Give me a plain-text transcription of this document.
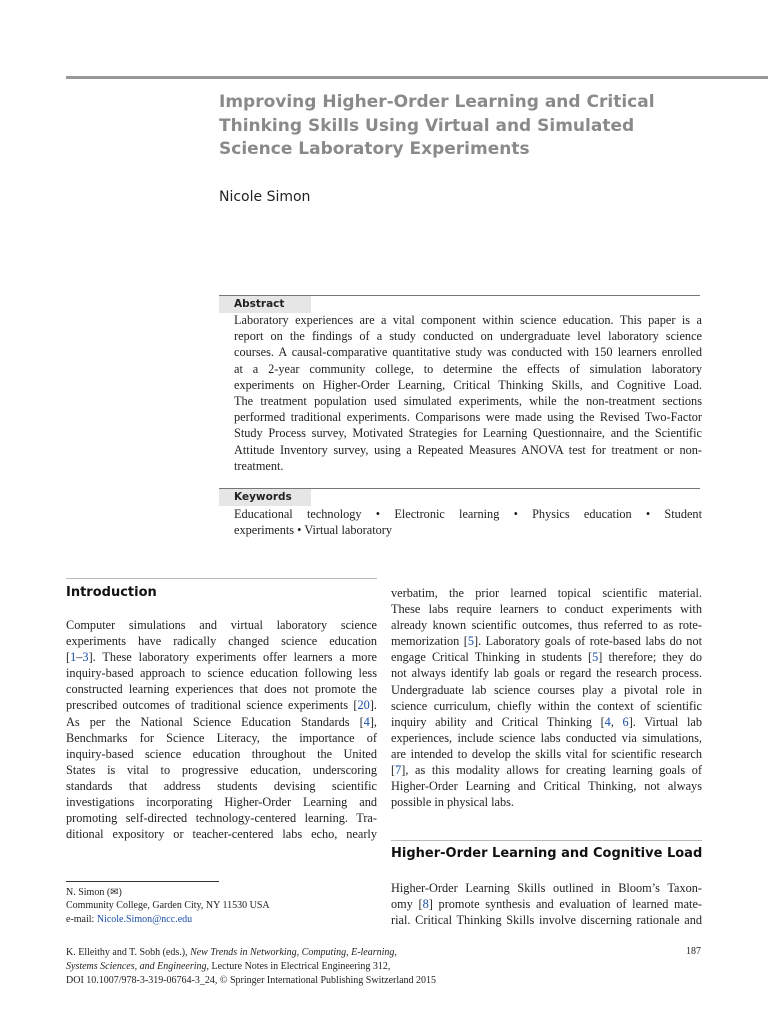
Improving Higher-Order Learning and Critical
Thinking Skills Using Virtual and Simulated
Science Laboratory Experiments
Nicole Simon
Abstract
Laboratory experiences are a vital component within science education. This paper is a
report on the findings of a study conducted on undergraduate level laboratory science
courses. A causal-comparative quantitative study was conducted with 150 learners enrolled
at a 2-year community college, to determine the effects of simulation laboratory
experiments on Higher-Order Learning, Critical Thinking Skills, and Cognitive Load.
The treatment population used simulated experiments, while the non-treatment sections
performed traditional experiments. Comparisons were made using the Revised Two-Factor
Study Process survey, Motivated Strategies for Learning Questionnaire, and the Scientific
Attitude Inventory survey, using a Repeated Measures ANOVA test for treatment or non-
treatment.
Keywords
Educational technology • Electronic learning • Physics education • Student
experiments • Virtual laboratory
Introduction
Computer simulations and virtual laboratory science
experiments have radically changed science education
[1–3]. These laboratory experiments offer learners a more
inquiry-based approach to science education following less
constructed learning experiences that does not promote the
prescribed outcomes of traditional science experiments [20].
As per the National Science Education Standards [4],
Benchmarks for Science Literacy, the importance of
inquiry-based science education throughout the United
States is vital to progressive education, underscoring
standards that address students devising scientific
investigations incorporating Higher-Order Learning and
promoting self-directed technology-centered learning. Tra-
ditional expository or teacher-centered labs echo, nearly
verbatim, the prior learned topical scientific material.
These labs require learners to conduct experiments with
already known scientific outcomes, thus referred to as rote-
memorization [5]. Laboratory goals of rote-based labs do not
engage Critical Thinking in students [5] therefore; they do
not always identify lab goals or regard the research process.
Undergraduate lab science courses play a pivotal role in
science curriculum, chiefly within the context of scientific
inquiry ability and Critical Thinking [4, 6]. Virtual lab
experiences, include science labs conducted via simulations,
are intended to develop the skills vital for scientific research
[7], as this modality allows for creating learning goals of
Higher-Order Learning and Critical Thinking, not always
possible in physical labs.
Higher-Order Learning and Cognitive Load
Higher-Order Learning Skills outlined in Bloom’s Taxon-
omy [8] promote synthesis and evaluation of learned mate-
rial. Critical Thinking Skills involve discerning rationale and
N. Simon (✉)
Community College, Garden City, NY 11530 USA
e-mail: Nicole.Simon@ncc.edu
K. Elleithy and T. Sobh (eds.), New Trends in Networking, Computing, E-learning,
Systems Sciences, and Engineering, Lecture Notes in Electrical Engineering 312,
DOI 10.1007/978-3-319-06764-3_24, © Springer International Publishing Switzerland 2015
187
